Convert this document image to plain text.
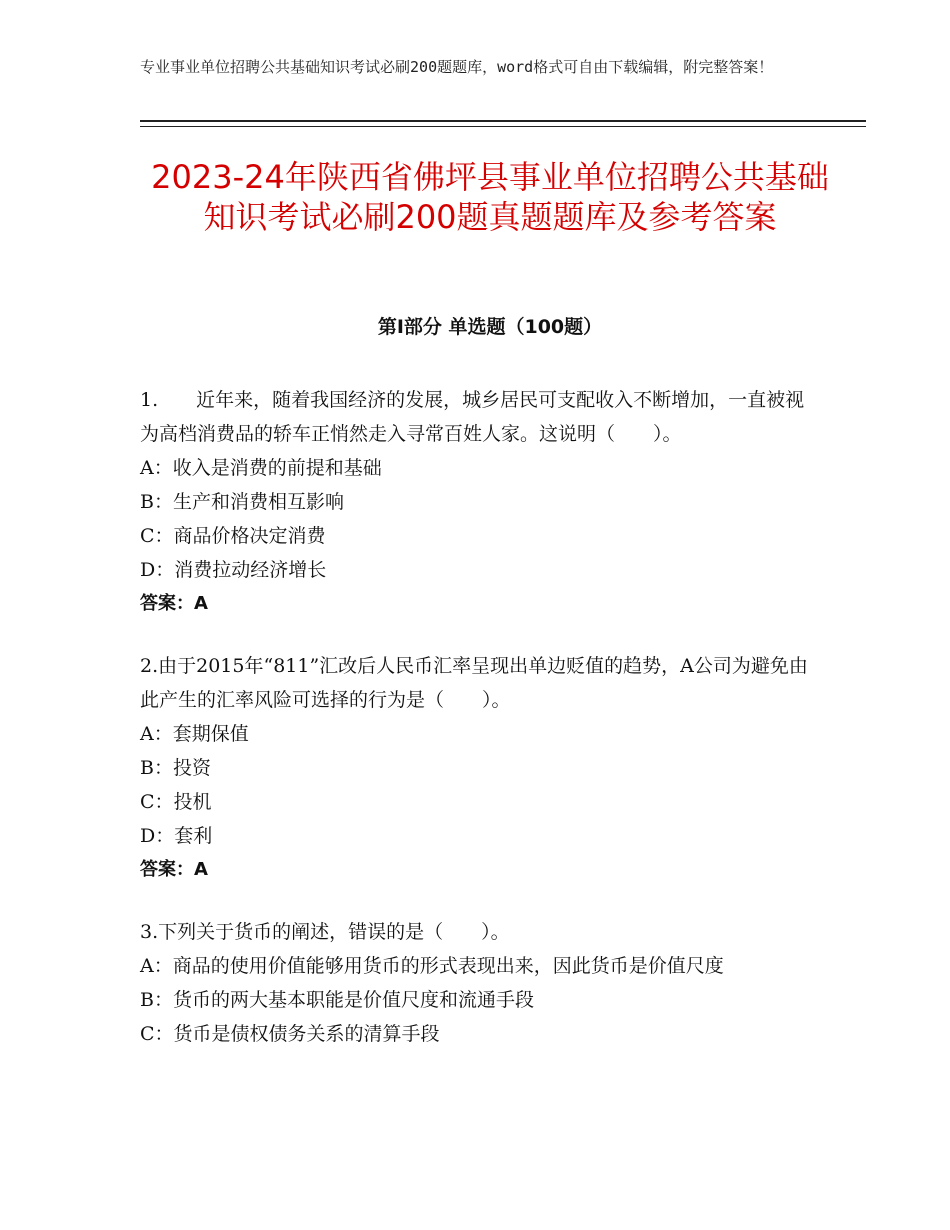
专业事业单位招聘公共基础知识考试必刷200题题库，word格式可自由下载编辑，附完整答案！
2023-24年陕西省佛坪县事业单位招聘公共基础知识考试必刷200题真题题库及参考答案
第Ⅰ部分 单选题（100题）

1.　　近年来，随着我国经济的发展，城乡居民可支配收入不断增加，一直被视为高档消费品的轿车正悄然走入寻常百姓人家。这说明（　　）。

A：收入是消费的前提和基础

B：生产和消费相互影响

C：商品价格决定消费

D：消费拉动经济增长

答案：A

2.由于2015年“811”汇改后人民币汇率呈现出单边贬值的趋势，A公司为避免由此产生的汇率风险可选择的行为是（　　）。

A：套期保值

B：投资

C：投机

D：套利

答案：A

3.下列关于货币的阐述，错误的是（　　）。

A：商品的使用价值能够用货币的形式表现出来，因此货币是价值尺度

B：货币的两大基本职能是价值尺度和流通手段

C：货币是债权债务关系的清算手段
